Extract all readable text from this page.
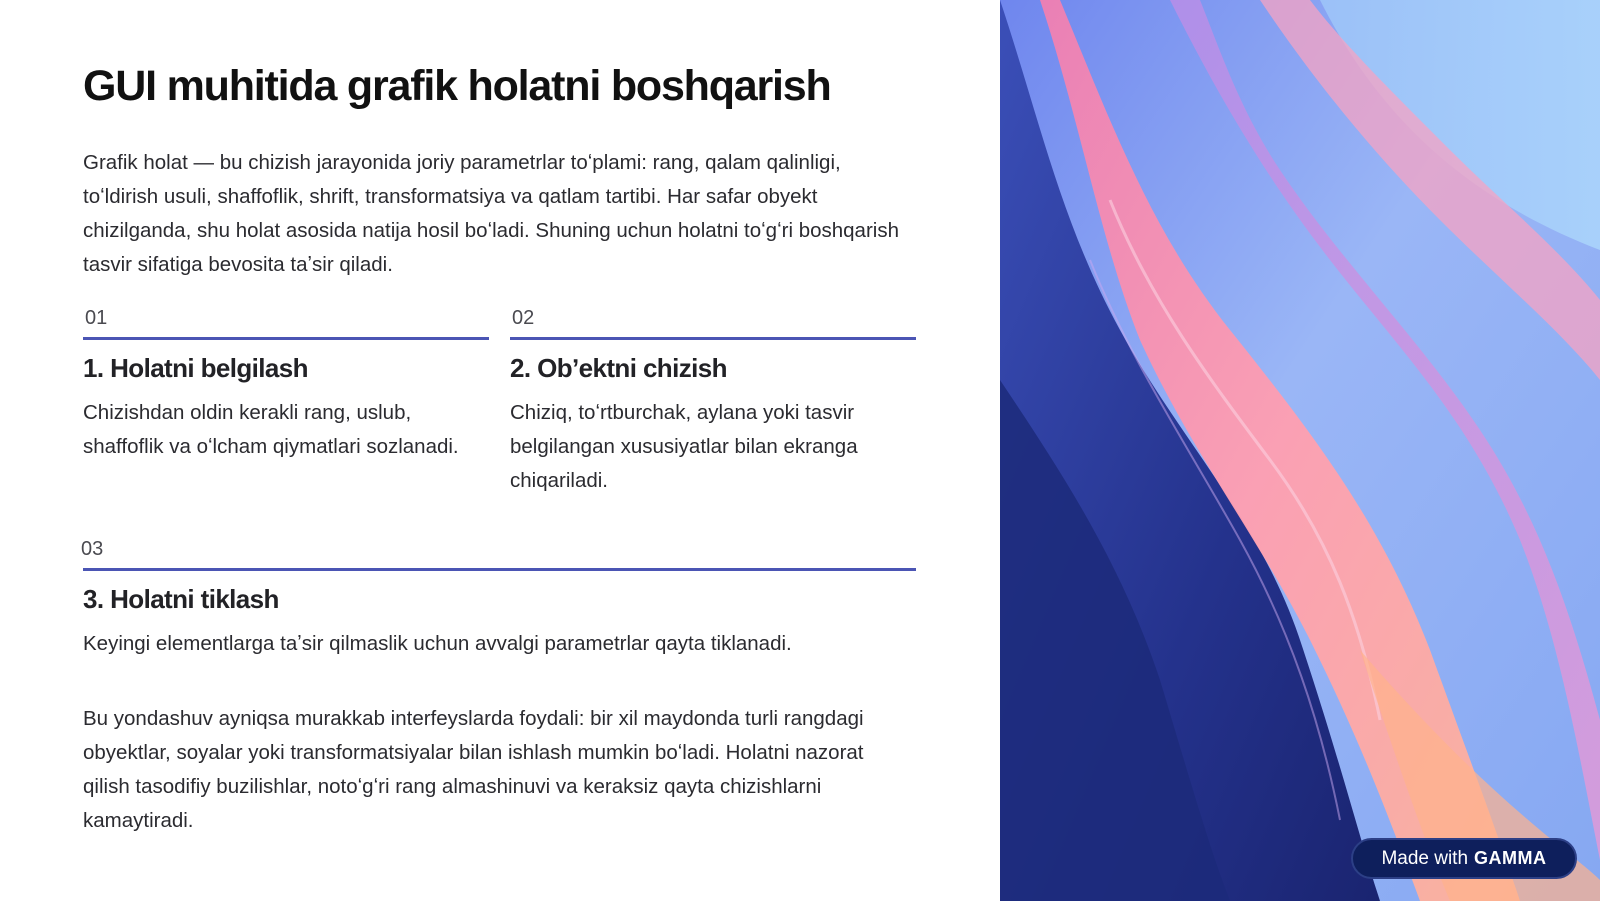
GUI muhitida grafik holatni boshqarish

Grafik holat — bu chizish jarayonida joriy parametrlar toʻplami: rang, qalam qalinligi, toʻldirish usuli, shaffoflik, shrift, transformatsiya va qatlam tartibi. Har safar obyekt chizilganda, shu holat asosida natija hosil boʻladi. Shuning uchun holatni toʻgʻri boshqarish tasvir sifatiga bevosita taʼsir qiladi.

01
1. Holatni belgilash

Chizishdan oldin kerakli rang, uslub, shaffoflik va oʻlcham qiymatlari sozlanadi.

02
2. Obʼektni chizish

Chiziq, toʻrtburchak, aylana yoki tasvir belgilangan xususiyatlar bilan ekranga chiqariladi.

03
3. Holatni tiklash

Keyingi elementlarga taʼsir qilmaslik uchun avvalgi parametrlar qayta tiklanadi.

Bu yondashuv ayniqsa murakkab interfeyslarda foydali: bir xil maydonda turli rangdagi obyektlar, soyalar yoki transformatsiyalar bilan ishlash mumkin boʻladi. Holatni nazorat qilish tasodifiy buzilishlar, notoʻgʻri rang almashinuvi va keraksiz qayta chizishlarni kamaytiradi.

Made with GAMMA
